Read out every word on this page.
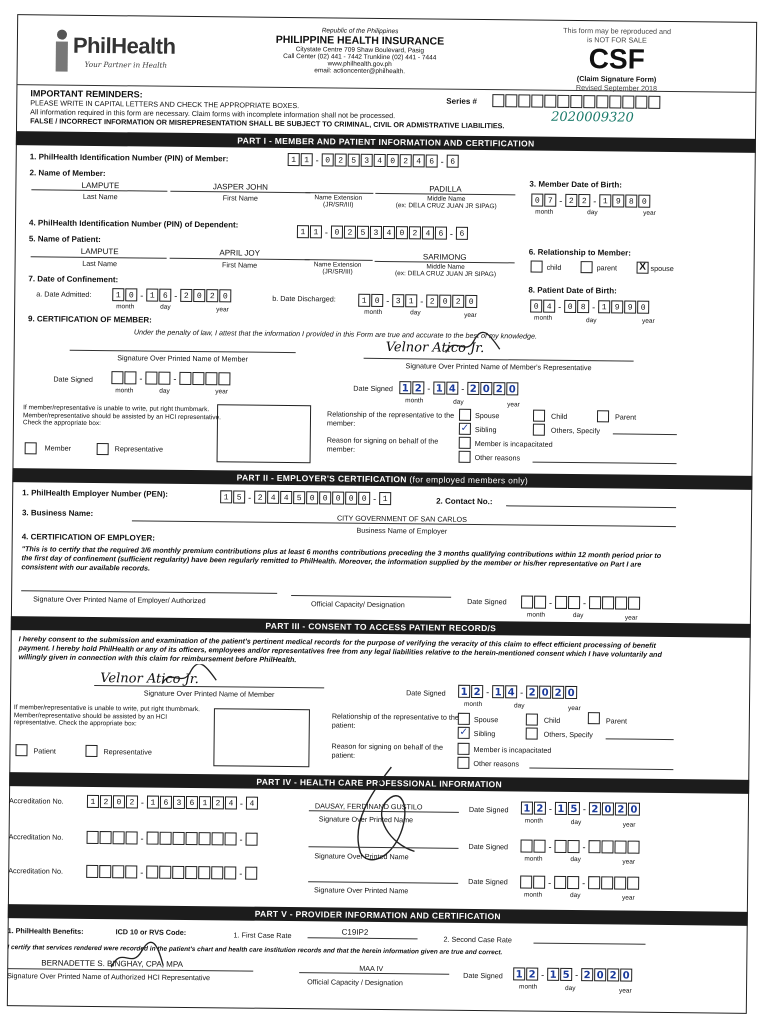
PhilHealth
Your Partner in Health
Republic of the Philippines
PHILIPPINE HEALTH INSURANCE
Citystate Centre 709 Shaw Boulevard, Pasig
Call Center (02) 441 - 7442 Trunkline (02) 441 - 7444
www.philhealth.gov.ph
email: actioncenter@philhealth.
This form may be reproduced and
is NOT FOR SALE
CSF
(Claim Signature Form)
Revised September 2018
IMPORTANT REMINDERS:
PLEASE WRITE IN CAPITAL LETTERS AND CHECK THE APPROPRIATE BOXES.
All information required in this form are necessary. Claim forms with incomplete information shall not be processed.
FALSE / INCORRECT INFORMATION OR MISREPRESENTATION SHALL BE SUBJECT TO CRIMINAL, CIVIL OR ADMISTRATIVE LIABILITIES.
Series #
2020009320
PART I - MEMBER AND PATIENT INFORMATION AND CERTIFICATION
1. PhilHealth Identification Number (PIN) of Member:	1	1 - 0	2	5	3	4	0	2	4	6 - 6
2. Name of Member:
LAMPUTE	JASPER JOHN	PADILLA
Last Name	First Name	Name Extension
(JR/SR/III)
Middle Name
(ex: DELA CRUZ JUAN JR SIPAG)
3. Member Date of Birth:
0	7 - 2	2 - 1	9	8	0
month	day	year
4. PhilHealth Identification Number (PIN) of Dependent:
1	1 - 0	2	5	3	4	0	2	4	6 - 6
5. Name of Patient:
LAMPUTE	APRIL JOY	SARIMONG
Last Name	First Name	Name Extension
(JR/SR/III)
Middle Name
(ex: DELA CRUZ JUAN JR SIPAG)
6. Relationship to Member:
child	parent X spouse
7. Date of Confinement:
a. Date Admitted:	1	0 - 1	6 - 2	0	2	0
month	day	year
b. Date Discharged:	1	0 - 3	1 - 2	0	2	0
month	day	year
8. Patient Date of Birth:
0	4 - 0	8 - 1	9	9	0
month	day	year
9. CERTIFICATION OF MEMBER:
Under the penalty of law, I attest that the information I provided in this Form are true and accurate to the best of my knowledge.
Signature Over Printed Name of Member
Velnor Atico Jr.
Signature Over Printed Name of Member's Representative
Date Signed	-	-
month	day	year	Date Signed 1 2 - 1 4 - 2 0 2 0
month	day	year
If member/representative is unable to write, put right thumbmark. Member/representative should be assisted by an HCI representative. Check the appropriate box:
Member	Representative
Relationship of the representative to the member:
Spouse	Child	Parent
✓ Sibling	Others, Specify
Reason for signing on behalf of the member:
Member is incapacitated
Other reasons
PART II - EMPLOYER'S CERTIFICATION (for employed members only)
1. PhilHealth Employer Number (PEN):	1	5 - 2	4	4	5	0	0	0	0	0 - 1	2. Contact No.:
3. Business Name:
CITY GOVERNMENT OF SAN CARLOS
Business Name of Employer
4. CERTIFICATION OF EMPLOYER:
"This is to certify that the required 3/6 monthly premium contributions plus at least 6 months contributions preceding the 3 months qualifying contributions within 12 month period prior to the first day of confinement (sufficient regularity) have been regularly remitted to PhilHealth. Moreover, the information supplied by the member or his/her representative on Part I are consistent with our available records.
Signature Over Printed Name of Employer/ Authorized	Official Capacity/ Designation	Date Signed	-	-
month	day	year
PART III - CONSENT TO ACCESS PATIENT RECORD/S
I hereby consent to the submission and examination of the patient's pertinent medical records for the purpose of verifying the veracity of this claim to effect efficient processing of benefit payment. I hereby hold PhilHealth or any of its officers, employees and/or representatives free from any legal liabilities relative to the herein-mentioned consent which I have voluntarily and willingly given in connection with this claim for reimbursement before PhilHealth.
Velnor Atico Jr.
Signature Over Printed Name of Member	Date Signed 1 2 - 1 4 - 2 0 2 0
month	day	year
If member/representative is unable to write, put right thumbmark. Member/representative should be assisted by an HCI representative. Check the appropriate box:
Patient	Representative
Relationship of the representative to the patient:
Spouse	Child	Parent
✓ Sibling	Others, Specify
Reason for signing on behalf of the patient:
Member is incapacitated
Other reasons
PART IV - HEALTH CARE PROFESSIONAL INFORMATION
Accreditation No.	1	2	0	2 - 1	6	3	6	1	2	4 - 4	DAUSAY, FERDINAND GUSTILO
Signature Over Printed Name
Date Signed 1 2 - 1 5 - 2 0 2 0
month	day	year
Accreditation No.	-	-
Signature Over Printed Name
Date Signed	-	-
month	day	year
Accreditation No.	-	-
Signature Over Printed Name
Date Signed	-	-
month	day	year
PART V - PROVIDER INFORMATION AND CERTIFICATION
1. PhilHealth Benefits:	ICD 10 or RVS Code:	1. First Case Rate	C19IP2
2. Second Case Rate
I certify that services rendered were recorded in the patient's chart and health care institution records and that the herein information given are true and correct.
BERNADETTE S. BINGHAY, CPA, MPA
Signature Over Printed Name of Authorized HCI Representative
MAA IV
Official Capacity / Designation
Date Signed 1 2 - 1 5 - 2 0 2 0
month	day	year
